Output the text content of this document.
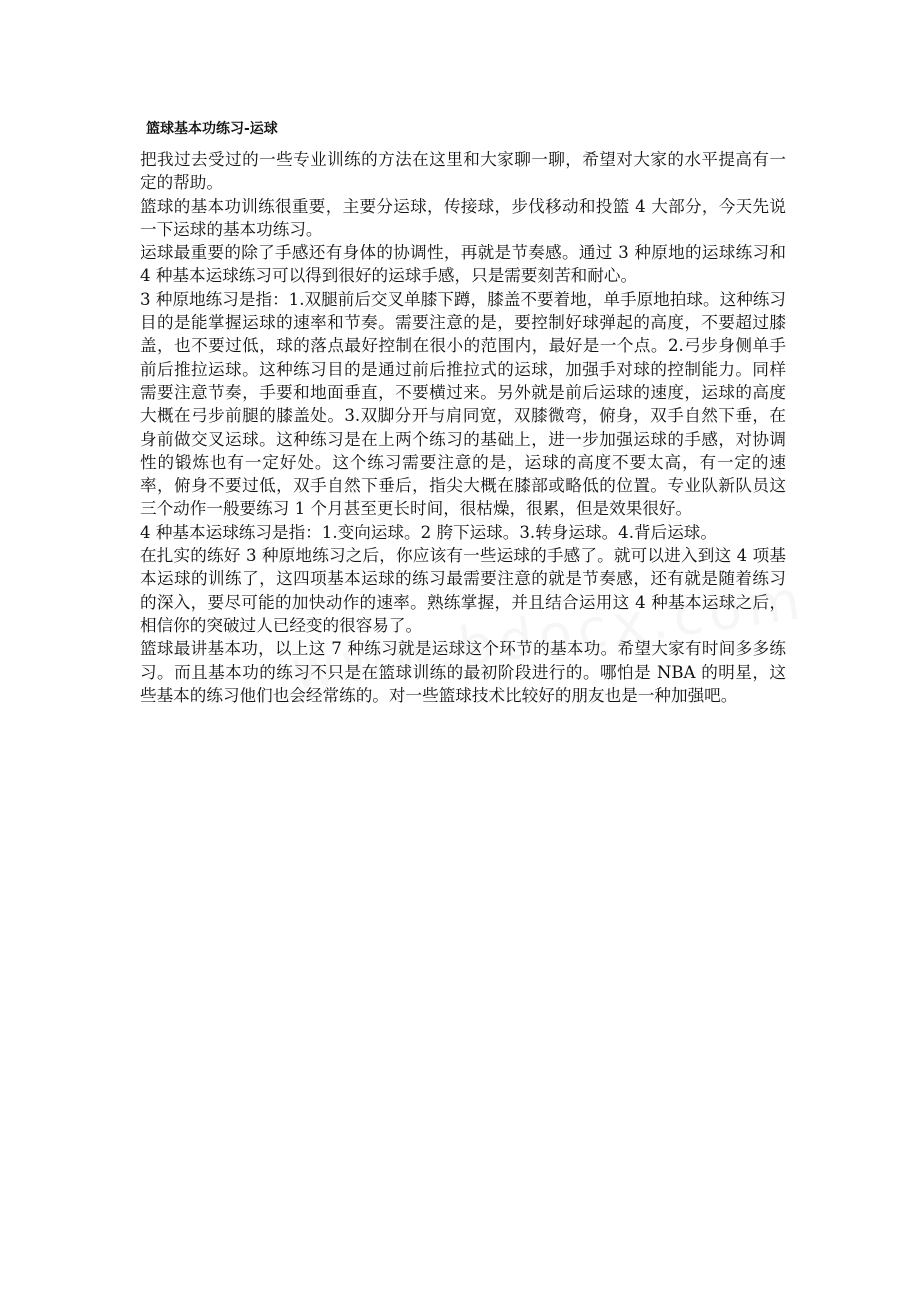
篮球基本功练习-运球

把我过去受过的一些专业训练的方法在这里和大家聊一聊，希望对大家的水平提高有一定的帮助。

篮球的基本功训练很重要，主要分运球，传接球，步伐移动和投篮 4 大部分，今天先说一下运球的基本功练习。

运球最重要的除了手感还有身体的协调性，再就是节奏感。通过 3 种原地的运球练习和 4 种基本运球练习可以得到很好的运球手感，只是需要刻苦和耐心。

3 种原地练习是指：1.双腿前后交叉单膝下蹲，膝盖不要着地，单手原地拍球。这种练习目的是能掌握运球的速率和节奏。需要注意的是，要控制好球弹起的高度，不要超过膝盖，也不要过低，球的落点最好控制在很小的范围内，最好是一个点。2.弓步身侧单手前后推拉运球。这种练习目的是通过前后推拉式的运球，加强手对球的控制能力。同样需要注意节奏，手要和地面垂直，不要横过来。另外就是前后运球的速度，运球的高度大概在弓步前腿的膝盖处。3.双脚分开与肩同宽，双膝微弯，俯身，双手自然下垂，在身前做交叉运球。这种练习是在上两个练习的基础上，进一步加强运球的手感，对协调性的锻炼也有一定好处。这个练习需要注意的是，运球的高度不要太高，有一定的速率，俯身不要过低，双手自然下垂后，指尖大概在膝部或略低的位置。专业队新队员这三个动作一般要练习 1 个月甚至更长时间，很枯燥，很累，但是效果很好。

4 种基本运球练习是指：1.变向运球。2 胯下运球。3.转身运球。4.背后运球。

在扎实的练好 3 种原地练习之后，你应该有一些运球的手感了。就可以进入到这 4 项基本运球的训练了，这四项基本运球的练习最需要注意的就是节奏感，还有就是随着练习的深入，要尽可能的加快动作的速率。熟练掌握，并且结合运用这 4 种基本运球之后，相信你的突破过人已经变的很容易了。

篮球最讲基本功，以上这 7 种练习就是运球这个环节的基本功。希望大家有时间多多练习。而且基本功的练习不只是在篮球训练的最初阶段进行的。哪怕是 NBA 的明星，这些基本的练习他们也会经常练的。对一些篮球技术比较好的朋友也是一种加强吧。
